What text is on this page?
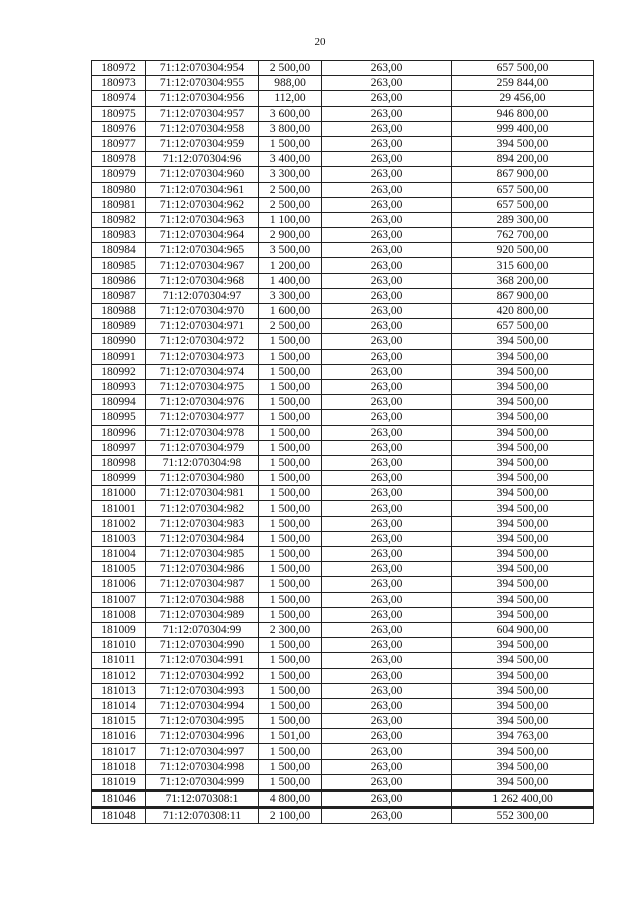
20
180972	71:12:070304:954	2 500,00	263,00	657 500,00
180973	71:12:070304:955	988,00	263,00	259 844,00
180974	71:12:070304:956	112,00	263,00	29 456,00
180975	71:12:070304:957	3 600,00	263,00	946 800,00
180976	71:12:070304:958	3 800,00	263,00	999 400,00
180977	71:12:070304:959	1 500,00	263,00	394 500,00
180978	71:12:070304:96	3 400,00	263,00	894 200,00
180979	71:12:070304:960	3 300,00	263,00	867 900,00
180980	71:12:070304:961	2 500,00	263,00	657 500,00
180981	71:12:070304:962	2 500,00	263,00	657 500,00
180982	71:12:070304:963	1 100,00	263,00	289 300,00
180983	71:12:070304:964	2 900,00	263,00	762 700,00
180984	71:12:070304:965	3 500,00	263,00	920 500,00
180985	71:12:070304:967	1 200,00	263,00	315 600,00
180986	71:12:070304:968	1 400,00	263,00	368 200,00
180987	71:12:070304:97	3 300,00	263,00	867 900,00
180988	71:12:070304:970	1 600,00	263,00	420 800,00
180989	71:12:070304:971	2 500,00	263,00	657 500,00
180990	71:12:070304:972	1 500,00	263,00	394 500,00
180991	71:12:070304:973	1 500,00	263,00	394 500,00
180992	71:12:070304:974	1 500,00	263,00	394 500,00
180993	71:12:070304:975	1 500,00	263,00	394 500,00
180994	71:12:070304:976	1 500,00	263,00	394 500,00
180995	71:12:070304:977	1 500,00	263,00	394 500,00
180996	71:12:070304:978	1 500,00	263,00	394 500,00
180997	71:12:070304:979	1 500,00	263,00	394 500,00
180998	71:12:070304:98	1 500,00	263,00	394 500,00
180999	71:12:070304:980	1 500,00	263,00	394 500,00
181000	71:12:070304:981	1 500,00	263,00	394 500,00
181001	71:12:070304:982	1 500,00	263,00	394 500,00
181002	71:12:070304:983	1 500,00	263,00	394 500,00
181003	71:12:070304:984	1 500,00	263,00	394 500,00
181004	71:12:070304:985	1 500,00	263,00	394 500,00
181005	71:12:070304:986	1 500,00	263,00	394 500,00
181006	71:12:070304:987	1 500,00	263,00	394 500,00
181007	71:12:070304:988	1 500,00	263,00	394 500,00
181008	71:12:070304:989	1 500,00	263,00	394 500,00
181009	71:12:070304:99	2 300,00	263,00	604 900,00
181010	71:12:070304:990	1 500,00	263,00	394 500,00
181011	71:12:070304:991	1 500,00	263,00	394 500,00
181012	71:12:070304:992	1 500,00	263,00	394 500,00
181013	71:12:070304:993	1 500,00	263,00	394 500,00
181014	71:12:070304:994	1 500,00	263,00	394 500,00
181015	71:12:070304:995	1 500,00	263,00	394 500,00
181016	71:12:070304:996	1 501,00	263,00	394 763,00
181017	71:12:070304:997	1 500,00	263,00	394 500,00
181018	71:12:070304:998	1 500,00	263,00	394 500,00
181019	71:12:070304:999	1 500,00	263,00	394 500,00
181046	71:12:070308:1	4 800,00	263,00	1 262 400,00
181048	71:12:070308:11	2 100,00	263,00	552 300,00
